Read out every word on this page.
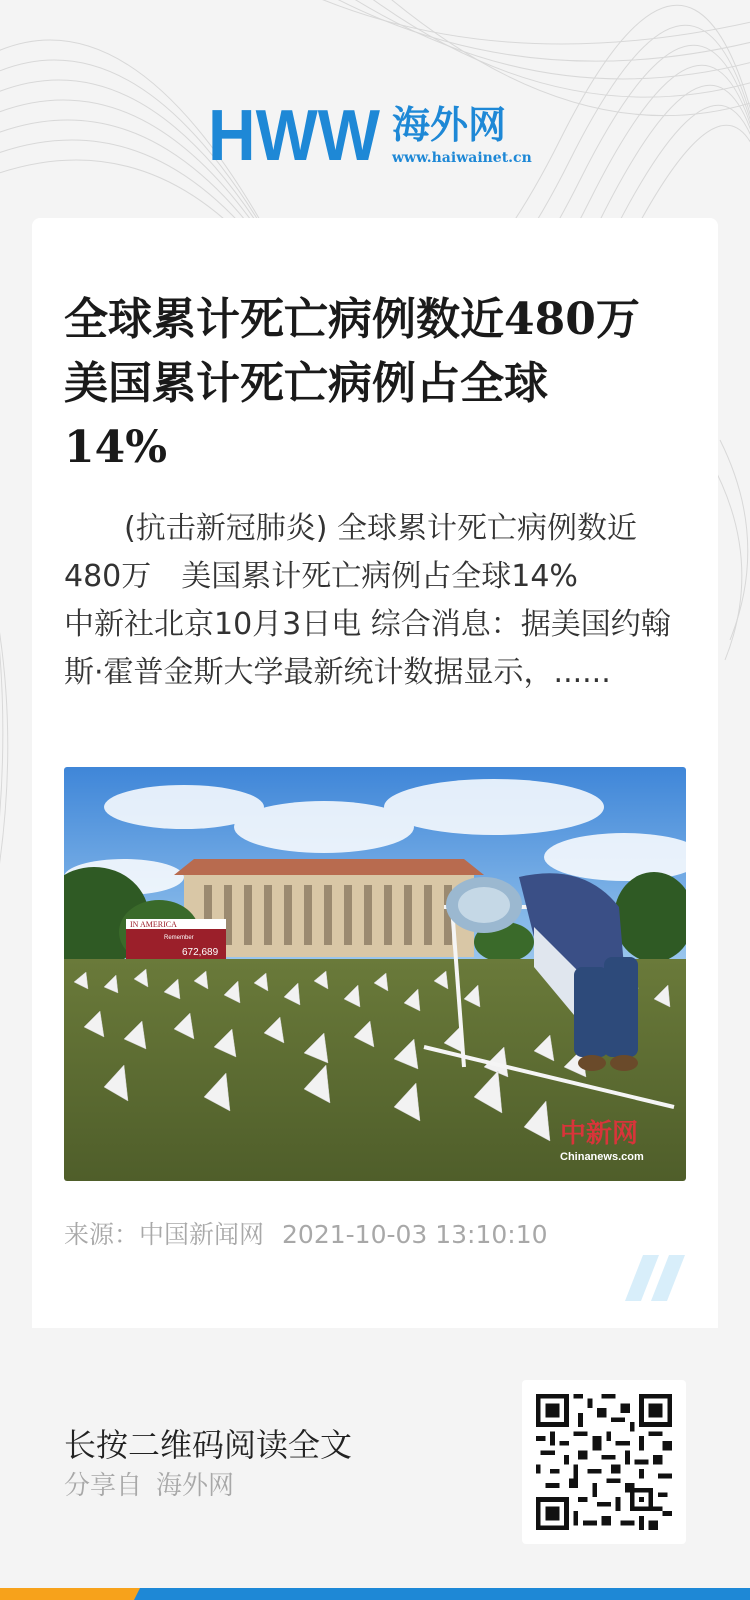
HWW 海外网
www.haiwainet.cn
全球累计死亡病例数近480万
美国累计死亡病例占全球
14%

　　(抗击新冠肺炎) 全球累计死亡病例数近480万　美国累计死亡病例占全球14%
中新社北京10月3日电 综合消息：据美国约翰斯·霍普金斯大学最新统计数据显示，......

IN AMERICA
Remember
672,689
中新网
Chinanews.com

来源：中国新闻网 2021-10-03 13:10:10

长按二维码阅读全文

分享自 海外网
